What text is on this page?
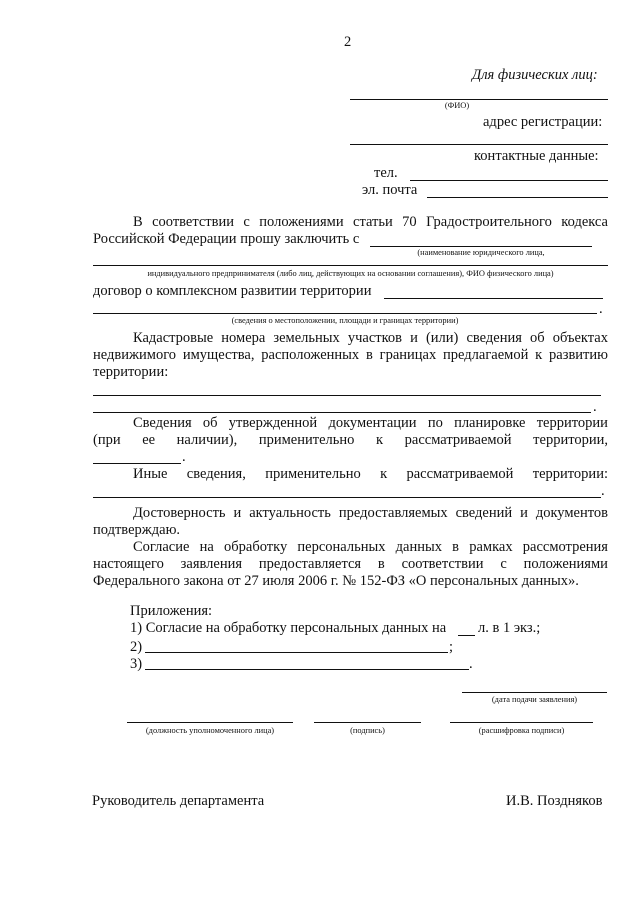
2
Для физических лиц:
(ФИО)
адрес регистрации:
контактные данные:
тел.
эл. почта
В соответствии с положениями статьи 70 Градостроительного кодекса
Российской Федерации прошу заключить с
(наименование юридического лица,
индивидуального предпринимателя (либо лиц, действующих на основании соглашения), ФИО физического лица)
договор о комплексном развитии территории
.
(сведения о местоположении, площади и границах территории)
Кадастровые номера земельных участков и (или) сведения об объектах
недвижимого имущества, расположенных в границах предлагаемой к развитию
территории:
.
Сведения об утвержденной документации по планировке территории
(при ее наличии), применительно к рассматриваемой территории,
.
Иные сведения, применительно к рассматриваемой территории:
.
Достоверность и актуальность предоставляемых сведений и документов
подтверждаю.
Согласие на обработку персональных данных в рамках рассмотрения
настоящего заявления предоставляется в соответствии с положениями
Федерального закона от 27 июля 2006 г. № 152-ФЗ «О персональных данных».
Приложения:
1) Согласие на обработку персональных данных на л. в 1 экз.;
2)	;
3)	.
(дата подачи заявления)
(должность уполномоченного лица)	(подпись)	(расшифровка подписи)
Руководитель департамента	И.В. Поздняков
